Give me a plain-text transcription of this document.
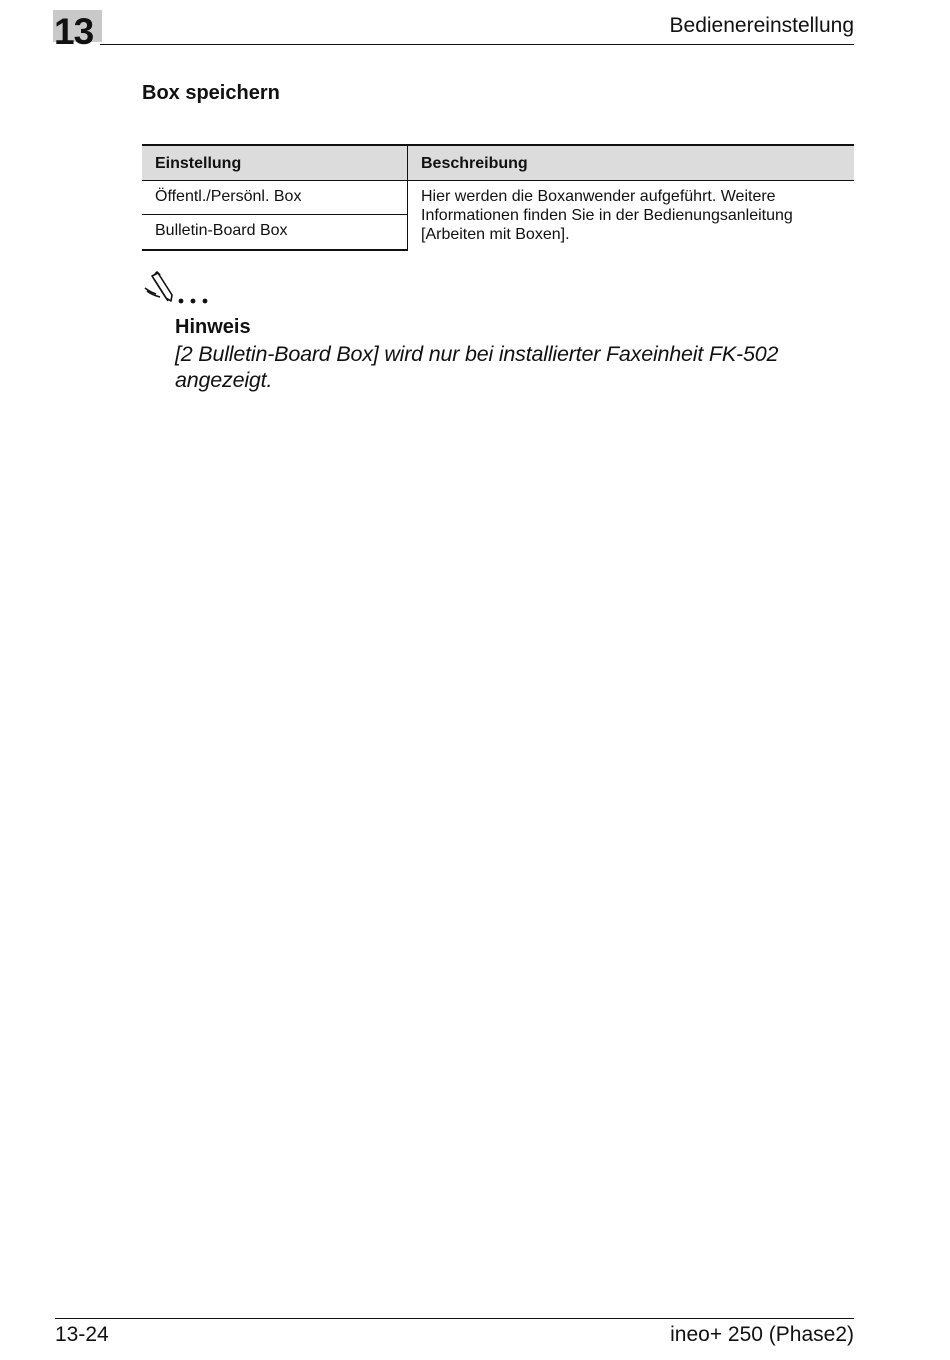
13	Bedienereinstellung
Box speichern
Einstellung	Beschreibung
Öffentl./Persönl. Box	Hier werden die Boxanwender aufgeführt. Weitere Informationen finden Sie in der Bedienungsanleitung [Arbeiten mit Boxen].
Bulletin-Board Box	
Hinweis
[2 Bulletin-Board Box] wird nur bei installierter Faxeinheit FK-502 angezeigt.
13-24	ineo+ 250 (Phase2)
